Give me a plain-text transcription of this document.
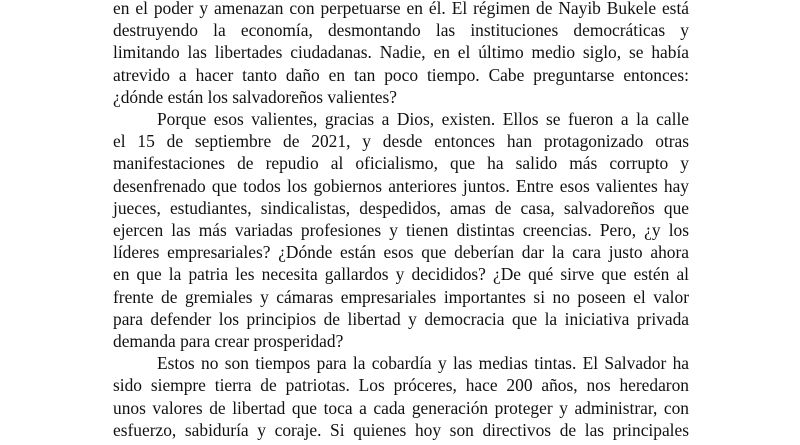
en el poder y amenazan con perpetuarse en él. El régimen de Nayib Bukele está
destruyendo la economía, desmontando las instituciones democráticas y
limitando las libertades ciudadanas. Nadie, en el último medio siglo, se había
atrevido a hacer tanto daño en tan poco tiempo. Cabe preguntarse entonces:
¿dónde están los salvadoreños valientes?
Porque esos valientes, gracias a Dios, existen. Ellos se fueron a la calle
el 15 de septiembre de 2021, y desde entonces han protagonizado otras
manifestaciones de repudio al oficialismo, que ha salido más corrupto y
desenfrenado que todos los gobiernos anteriores juntos. Entre esos valientes hay
jueces, estudiantes, sindicalistas, despedidos, amas de casa, salvadoreños que
ejercen las más variadas profesiones y tienen distintas creencias. Pero, ¿y los
líderes empresariales? ¿Dónde están esos que deberían dar la cara justo ahora
en que la patria les necesita gallardos y decididos? ¿De qué sirve que estén al
frente de gremiales y cámaras empresariales importantes si no poseen el valor
para defender los principios de libertad y democracia que la iniciativa privada
demanda para crear prosperidad?
Estos no son tiempos para la cobardía y las medias tintas. El Salvador ha
sido siempre tierra de patriotas. Los próceres, hace 200 años, nos heredaron
unos valores de libertad que toca a cada generación proteger y administrar, con
esfuerzo, sabiduría y coraje. Si quienes hoy son directivos de las principales
